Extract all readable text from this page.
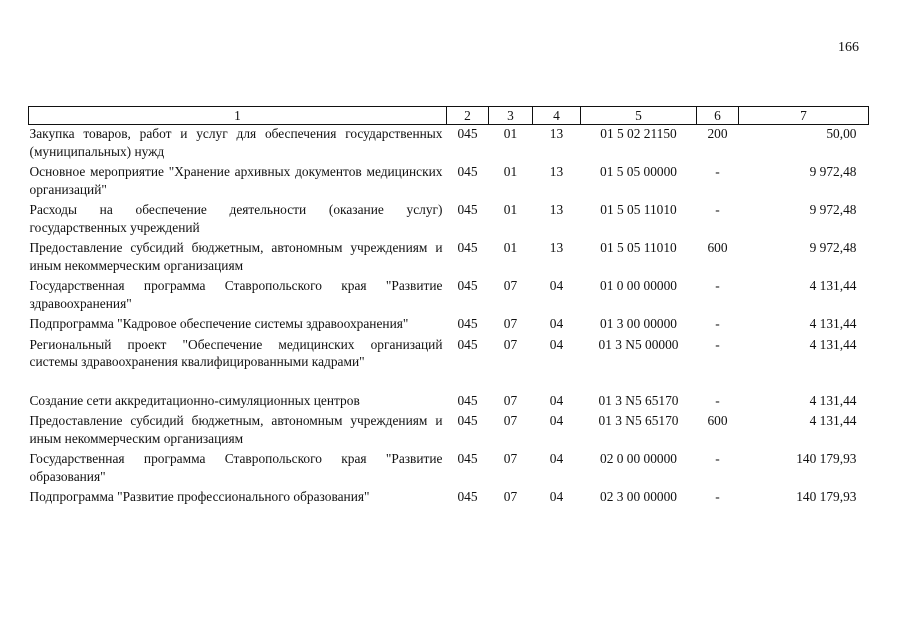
166
1	2	3	4	5	6	7
Закупка товаров, работ и услуг для обеспечения государственных (муниципальных) нужд	045	01	13	01 5 02 21150	200	50,00
Основное мероприятие "Хранение архивных документов медицинских организаций"	045	01	13	01 5 05 00000	-	9 972,48
Расходы на обеспечение деятельности (оказание услуг) государственных учреждений	045	01	13	01 5 05 11010	-	9 972,48
Предоставление субсидий бюджетным, автономным учреждениям и иным некоммерческим организациям	045	01	13	01 5 05 11010	600	9 972,48
Государственная программа Ставропольского края "Развитие здравоохранения"	045	07	04	01 0 00 00000	-	4 131,44
Подпрограмма "Кадровое обеспечение системы здравоохранения"	045	07	04	01 3 00 00000	-	4 131,44
Региональный проект "Обеспечение медицинских организаций системы здравоохранения квалифицированными кадрами"	045	07	04	01 3 N5 00000	-	4 131,44
Создание сети аккредитационно-симуляционных центров	045	07	04	01 3 N5 65170	-	4 131,44
Предоставление субсидий бюджетным, автономным учреждениям и иным некоммерческим организациям	045	07	04	01 3 N5 65170	600	4 131,44
Государственная программа Ставропольского края "Развитие образования"	045	07	04	02 0 00 00000	-	140 179,93
Подпрограмма "Развитие профессионального образования"	045	07	04	02 3 00 00000	-	140 179,93
